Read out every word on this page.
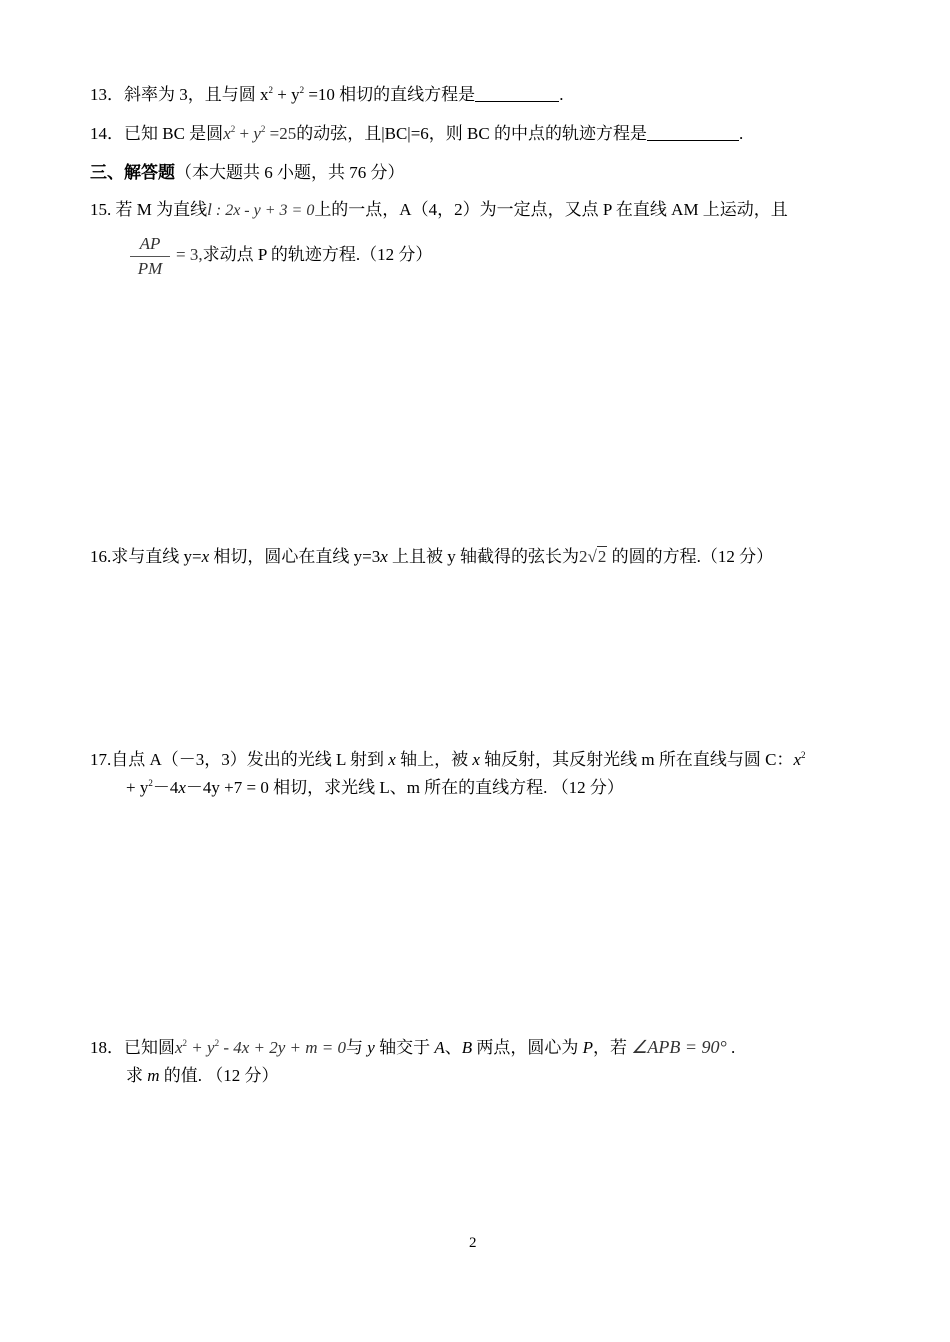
13．斜率为 3，且与圆 $x^2 + y^2 =10$ 相切的直线方程是	.
14．已知 BC 是圆$x^2 + y^2 =25$的动弦，且|BC|=6，则 BC 的中点的轨迹方程是	.
三、解答题（本大题共 6 小题，共 76 分）
15. 若 M 为直线l : 2x - y + 3 = 0上的一点，A（4，2）为一定点，又点 P 在直线 AM 上运动，且
AP
PM
= 3,求动点 P 的轨迹方程.（12 分）
16.求与直线 y=x 相切，圆心在直线 y=3x 上且被 y 轴截得的弦长为2√2 的圆的方程.（12 分）
17.自点 A（－3，3）发出的光线 L 射到 x 轴上，被 x 轴反射，其反射光线 m 所在直线与圆 C：$x^2$
+ $y^2-4x-4y +7 = 0$ 相切，求光线 L、m 所在的直线方程. （12 分）
18．已知圆$x^2 + y^2 - 4x + 2y + m = 0$与 y 轴交于 A、B 两点，圆心为 P，若 ∠APB = 90° .
求 m 的值. （12 分）
2
